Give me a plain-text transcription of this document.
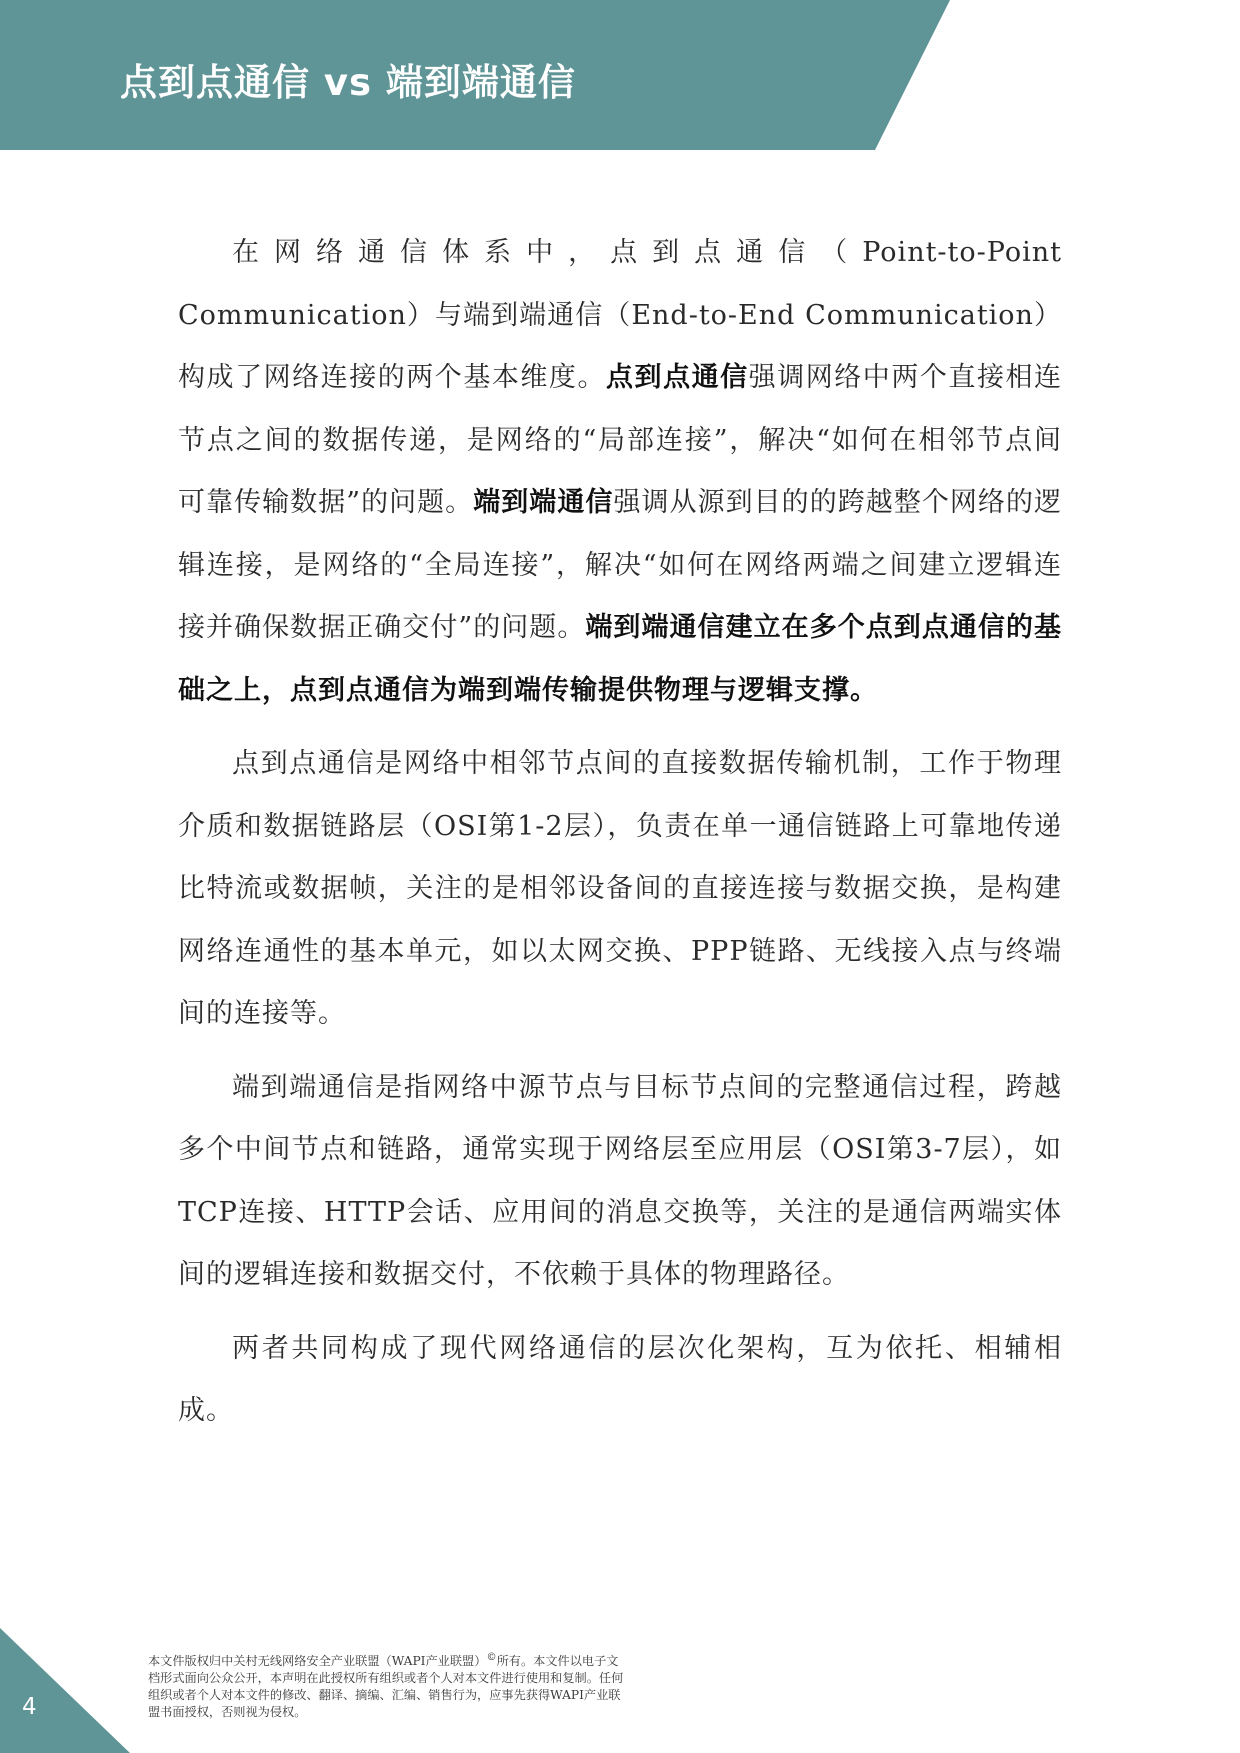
点到点通信 vs 端到端通信

在网络通信体系中，点到点通信（Point-to-Point Communication）与端到端通信（End-to-End Communication）构成了网络连接的两个基本维度。点到点通信强调网络中两个直接相连节点之间的数据传递，是网络的“局部连接”，解决“如何在相邻节点间可靠传输数据”的问题。端到端通信强调从源到目的的跨越整个网络的逻辑连接，是网络的“全局连接”，解决“如何在网络两端之间建立逻辑连接并确保数据正确交付”的问题。端到端通信建立在多个点到点通信的基础之上，点到点通信为端到端传输提供物理与逻辑支撑。

点到点通信是网络中相邻节点间的直接数据传输机制，工作于物理介质和数据链路层（OSI第1-2层），负责在单一通信链路上可靠地传递比特流或数据帧，关注的是相邻设备间的直接连接与数据交换，是构建网络连通性的基本单元，如以太网交换、PPP链路、无线接入点与终端间的连接等。

端到端通信是指网络中源节点与目标节点间的完整通信过程，跨越多个中间节点和链路，通常实现于网络层至应用层（OSI第3-7层），如TCP连接、HTTP会话、应用间的消息交换等，关注的是通信两端实体间的逻辑连接和数据交付，不依赖于具体的物理路径。

两者共同构成了现代网络通信的层次化架构，互为依托、相辅相成。

4

本文件版权归中关村无线网络安全产业联盟（WAPI产业联盟）©所有。本文件以电子文档形式面向公众公开，本声明在此授权所有组织或者个人对本文件进行使用和复制。任何组织或者个人对本文件的修改、翻译、摘编、汇编、销售行为，应事先获得WAPI产业联盟书面授权，否则视为侵权。
